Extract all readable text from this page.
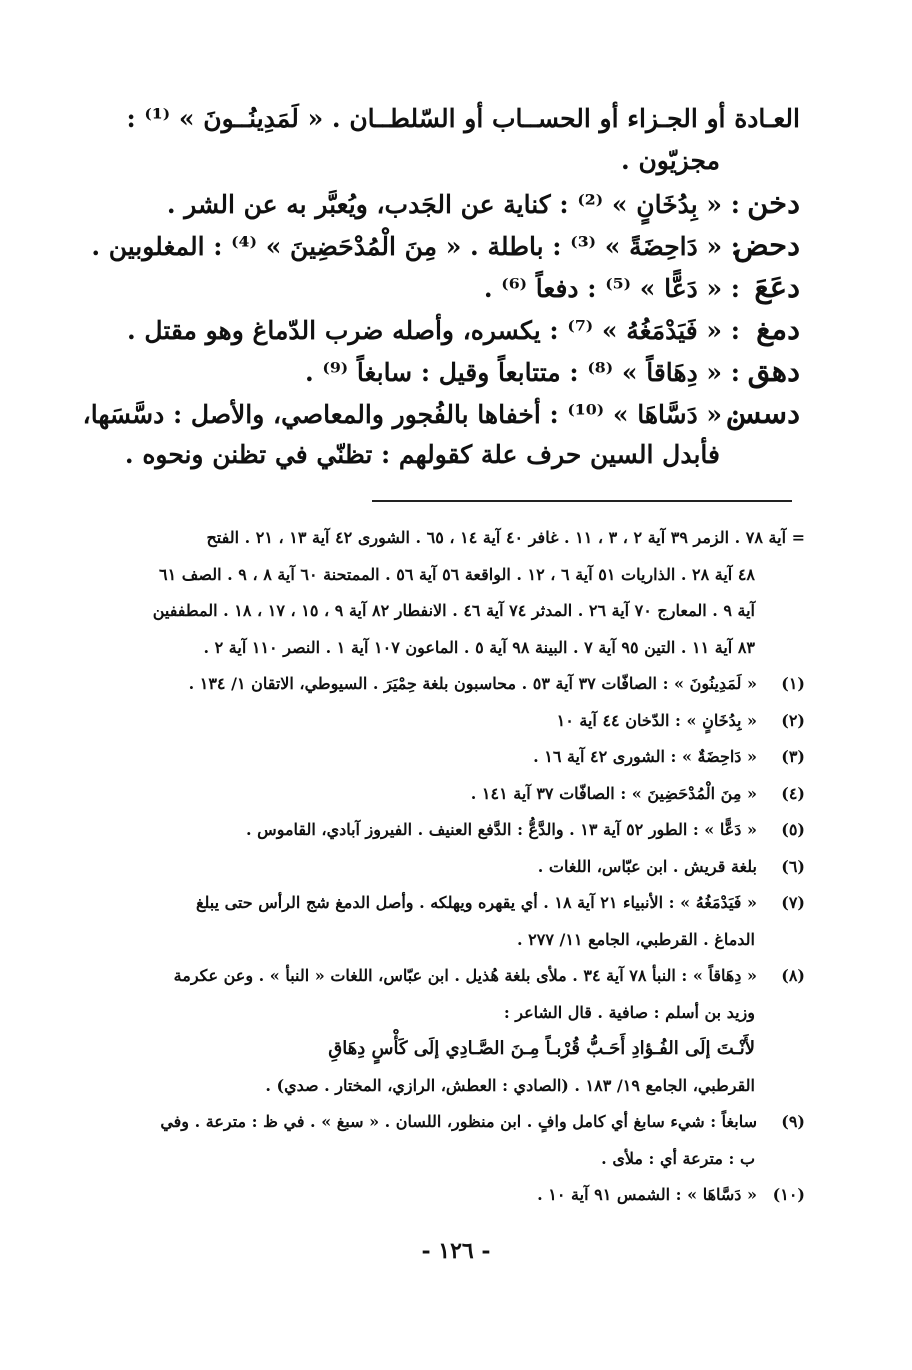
العـادة أو الجـزاء أو الحســاب أو السّلطــان . « لَمَدِينُــونَ » ⁽¹⁾ :
مجزيّون .
دخن: « بِدُخَانٍ » ⁽²⁾ : كناية عن الجَدب، ويُعبَّر به عن الشر .
دحض: « دَاحِضَةً » ⁽³⁾ : باطلة . « مِنَ الْمُدْحَضِينَ » ⁽⁴⁾ : المغلوبين .
دعَعَ: « دَعًّا » ⁽⁵⁾ : دفعاً ⁽⁶⁾ .
دمغ: « فَيَدْمَغُهُ » ⁽⁷⁾ : يكسره، وأصله ضرب الدّماغ وهو مقتل .
دهق: « دِهَاقاً » ⁽⁸⁾ : متتابعاً وقيل : سابغاً ⁽⁹⁾ .
دسس: « دَسَّاهَا » ⁽¹⁰⁾ : أخفاها بالفُجور والمعاصي، والأصل : دسَّسَها،
فأبدل السين حرف علة كقولهم : تظنّي في تظنن ونحوه .
= آية ٧٨ . الزمر ٣٩ آية ٢ ، ٣ ، ١١ . غافر ٤٠ آية ١٤ ، ٦٥ . الشورى ٤٢ آية ١٣ ، ٢١ . الفتح
٤٨ آية ٢٨ . الذاريات ٥١ آية ٦ ، ١٢ . الواقعة ٥٦ آية ٥٦ . الممتحنة ٦٠ آية ٨ ، ٩ . الصف ٦١
آية ٩ . المعارج ٧٠ آية ٢٦ . المدثر ٧٤ آية ٤٦ . الانفطار ٨٢ آية ٩ ، ١٥ ، ١٧ ، ١٨ . المطففين
٨٣ آية ١١ . التين ٩٥ آية ٧ . البينة ٩٨ آية ٥ . الماعون ١٠٧ آية ١ . النصر ١١٠ آية ٢ .
(١)« لَمَدِينُونَ » : الصافّات ٣٧ آية ٥٣ . محاسبون بلغة حِمْيَرَ . السيوطي، الاتقان ١/ ١٣٤ .
(٢)« بِدُخَانٍ » : الدّخان ٤٤ آية ١٠
(٣)« دَاحِضَةٌ » : الشورى ٤٢ آية ١٦ .
(٤)« مِنَ الْمُدْحَضِينَ » : الصافّات ٣٧ آية ١٤١ .
(٥)« دَعًّا » : الطور ٥٢ آية ١٣ . والدَّعُّ : الدَّفع العنيف . الفيروز آبادي، القاموس .
(٦)بلغة قريش . ابن عبّاس، اللغات .
(٧)« فَيَدْمَغُهُ » : الأنبياء ٢١ آية ١٨ . أي يقهره ويهلكه . وأصل الدمغ شج الرأس حتى يبلغ
الدماغ . القرطبي، الجامع ١١/ ٢٧٧ .
(٨)« دِهَاقاً » : النبأ ٧٨ آية ٣٤ . ملأى بلغة هُذيل . ابن عبّاس، اللغات « النبأ » . وعن عكرمة
وزيد بن أسلم : صافية . قال الشاعر :
لأَنْـتَ إلَى الفُـؤادِ أَحَـبُّ قُرْبـاً مِـنَ الصَّـادِي إلَى كَأْسٍ دِهَاقِ
القرطبي، الجامع ١٩/ ١٨٣ . (الصادي : العطش، الرازي، المختار . صدي) .
(٩)سابغاً : شيء سابغ أي كامل وافٍ . ابن منظور، اللسان . « سبغ » . في ظ : مترعة . وفي
ب : مترعة أي : ملأى .
(١٠)« دَسَّاهَا » : الشمس ٩١ آية ١٠ .
- ١٢٦ -
